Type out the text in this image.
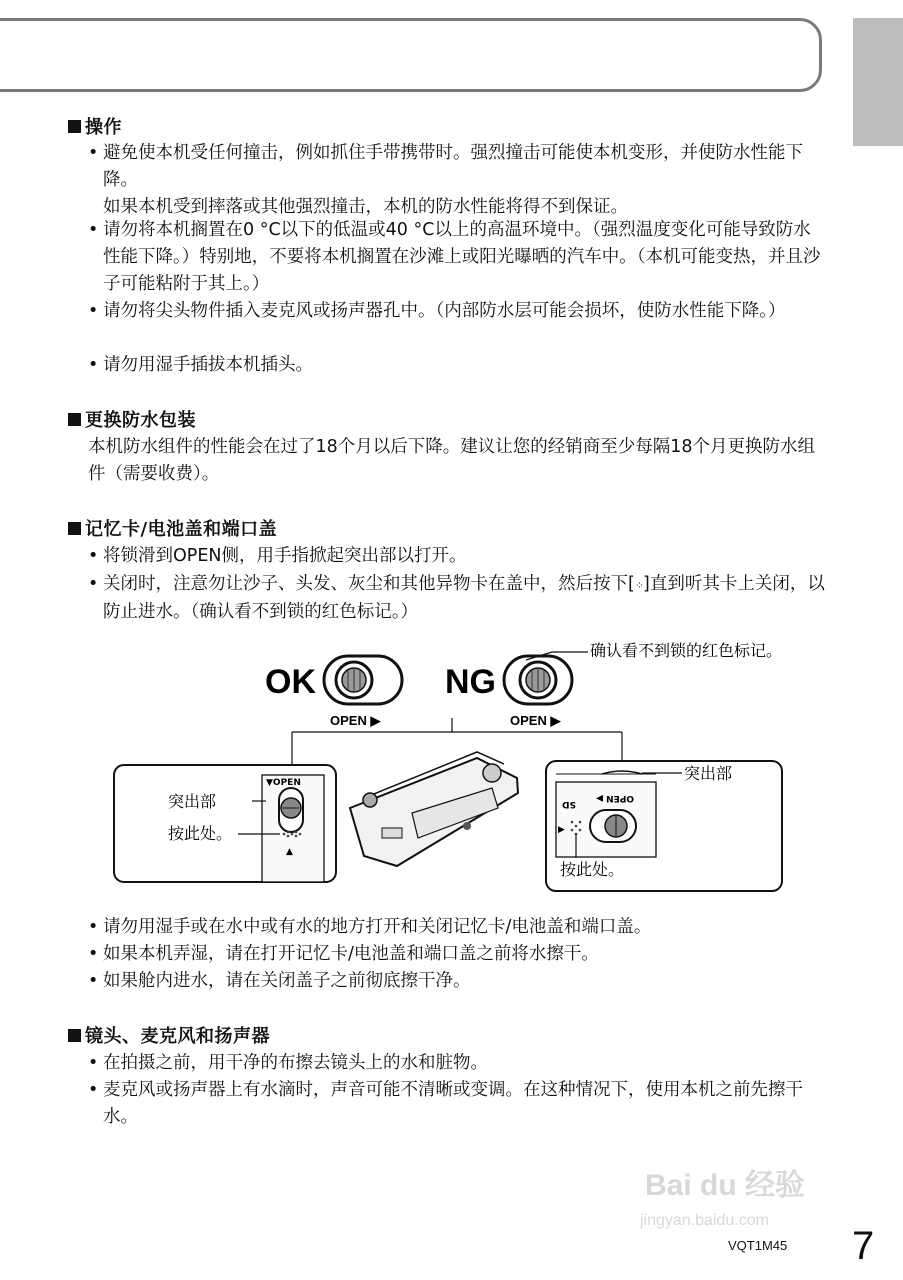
操作
• 避免使本机受任何撞击，例如抓住手带携带时。强烈撞击可能使本机变形，并使防水性能下降。
如果本机受到摔落或其他强烈撞击，本机的防水性能将得不到保证。
• 请勿将本机搁置在0 °C以下的低温或40 °C以上的高温环境中。（强烈温度变化可能导致防水性能下降。）特别地，不要将本机搁置在沙滩上或阳光曝晒的汽车中。（本机可能变热，并且沙子可能粘附于其上。）
• 请勿将尖头物件插入麦克风或扬声器孔中。（内部防水层可能会损坏，使防水性能下降。）
• 请勿用湿手插拔本机插头。
更换防水包装
本机防水组件的性能会在过了18个月以后下降。建议让您的经销商至少每隔18个月更换防水组件（需要收费）。
记忆卡/电池盖和端口盖
• 将锁滑到OPEN侧，用手指掀起突出部以打开。
• 关闭时，注意勿让沙子、头发、灰尘和其他异物卡在盖中，然后按下[⁘]直到听其卡上关闭，以防止进水。（确认看不到锁的红色标记。）
OK	NG
OPEN ▶	OPEN ▶
确认看不到锁的红色标记。
▼OPEN
▲
突出部
按此处。
SD
OPEN ▶
▶
突出部
按此处。
• 请勿用湿手或在水中或有水的地方打开和关闭记忆卡/电池盖和端口盖。
• 如果本机弄湿，请在打开记忆卡/电池盖和端口盖之前将水擦干。
• 如果舱内进水，请在关闭盖子之前彻底擦干净。
镜头、麦克风和扬声器
• 在拍摄之前，用干净的布擦去镜头上的水和脏物。
• 麦克风或扬声器上有水滴时，声音可能不清晰或变调。在这种情况下，使用本机之前先擦干水。
Bai du 经验
jingyan.baidu.com
VQT1M45 7
